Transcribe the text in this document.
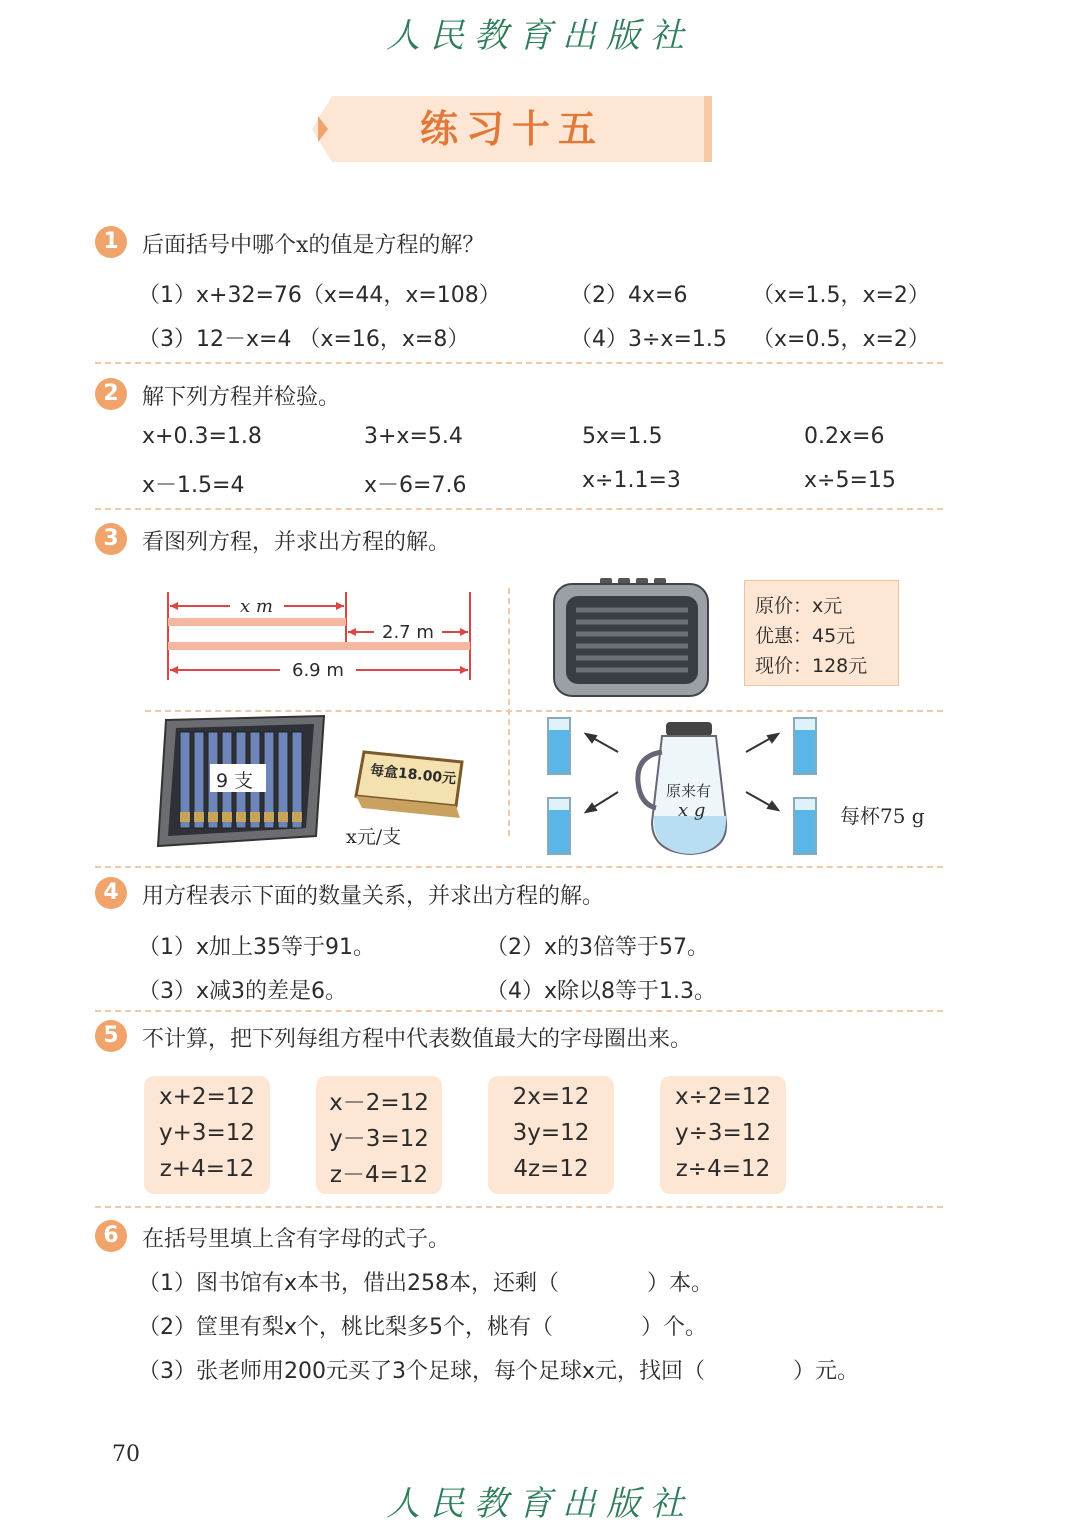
人民教育出版社
练习十五
1	后面括号中哪个x的值是方程的解？
（1）x+32=76（x=44，x=108）	（2）4x=6	（x=1.5，x=2）
（3）12－x=4 （x=16，x=8）	（4）3÷x=1.5 （x=0.5，x=2）
2	解下列方程并检验。
x+0.3=1.8	3+x=5.4	5x=1.5	0.2x=6
x－1.5=4	x－6=7.6	x÷1.1=3	x÷5=15
3	看图列方程，并求出方程的解。
x m
2.7 m
6.9 m
原价：x元
优惠：45元
现价：128元
9 支	每盒18.00元
x元/支
原来有
x g	每杯75 g
4	用方程表示下面的数量关系，并求出方程的解。
（1）x加上35等于91。	（2）x的3倍等于57。
（3）x减3的差是6。	（4）x除以8等于1.3。
5	不计算，把下列每组方程中代表数值最大的字母圈出来。
x+2=12
y+3=12
z+4=12
x－2=12
y－3=12
z－4=12
2x=12
3y=12
4z=12
x÷2=12
y÷3=12
z÷4=12
6	在括号里填上含有字母的式子。
（1）图书馆有x本书，借出258本，还剩（　　　　）本。
（2）筐里有梨x个，桃比梨多5个，桃有（　　　　）个。
（3）张老师用200元买了3个足球，每个足球x元，找回（　　　　）元。
70
人民教育出版社
